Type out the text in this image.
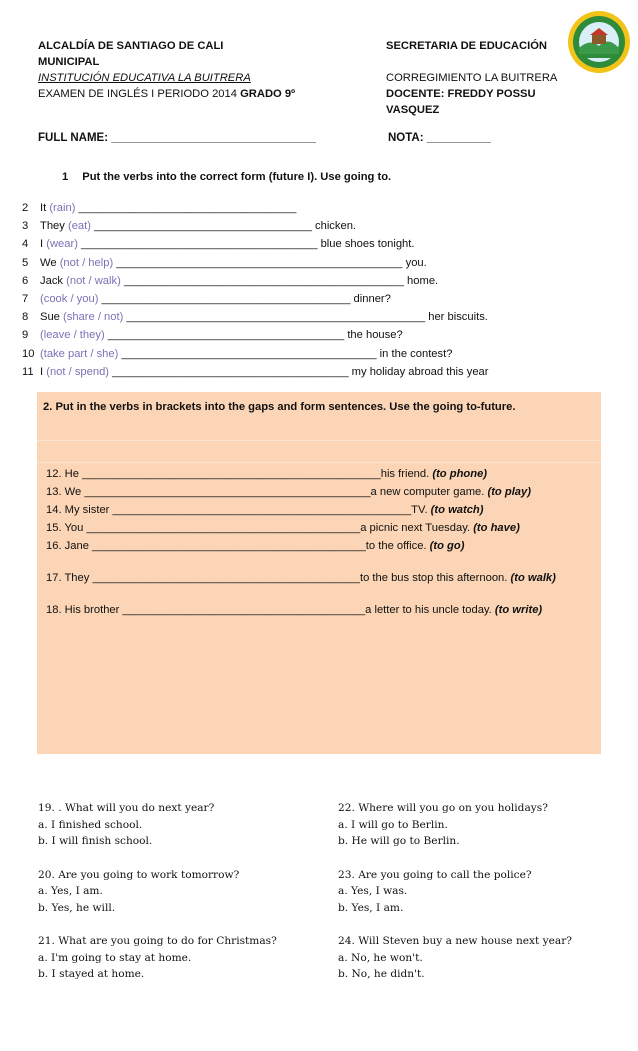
ALCALDÍA DE SANTIAGO DE CALI	SECRETARIA DE EDUCACIÓN
MUNICIPAL
INSTITUCIÓN EDUCATIVA LA BUITRERA	CORREGIMIENTO LA BUITRERA
EXAMEN DE INGLÉS I PERIODO 2014 GRADO 9º	DOCENTE: FREDDY POSSU VASQUEZ
FULL NAME: ________________________________	NOTA: __________
1 Put the verbs into the correct form (future I). Use going to.
2 It (rain) ___________________________________
3 They (eat) ___________________________________ chicken.
4 I (wear) ______________________________________ blue shoes tonight.
5 We (not / help) ______________________________________________ you.
6 Jack (not / walk) _____________________________________________ home.
7 (cook / you) ________________________________________ dinner?
8 Sue (share / not) ________________________________________________ her biscuits.
9 (leave / they) ______________________________________ the house?
10 (take part / she) _________________________________________ in the contest?
11 I (not / spend) ______________________________________ my holiday abroad this year
2. Put in the verbs in brackets into the gaps and form sentences. Use the going to-future.
12. He ________________________________________________his friend. (to phone)
13. We ______________________________________________a new computer game. (to play)
14. My sister ________________________________________________TV. (to watch)
15. You ____________________________________________a picnic next Tuesday. (to have)
16. Jane ____________________________________________to the office. (to go)
17. They ___________________________________________to the bus stop this afternoon. (to walk)
18. His brother _______________________________________a letter to his uncle today. (to write)
19. . What will you do next year?
a. I finished school.
b. I will finish school.
20. Are you going to work tomorrow?
a. Yes, I am.
b. Yes, he will.
21. What are you going to do for Christmas?
a. I'm going to stay at home.
b. I stayed at home.
22. Where will you go on you holidays?
a. I will go to Berlin.
b. He will go to Berlin.
23. Are you going to call the police?
a. Yes, I was.
b. Yes, I am.
24. Will Steven buy a new house next year?
a. No, he won't.
b. No, he didn't.
